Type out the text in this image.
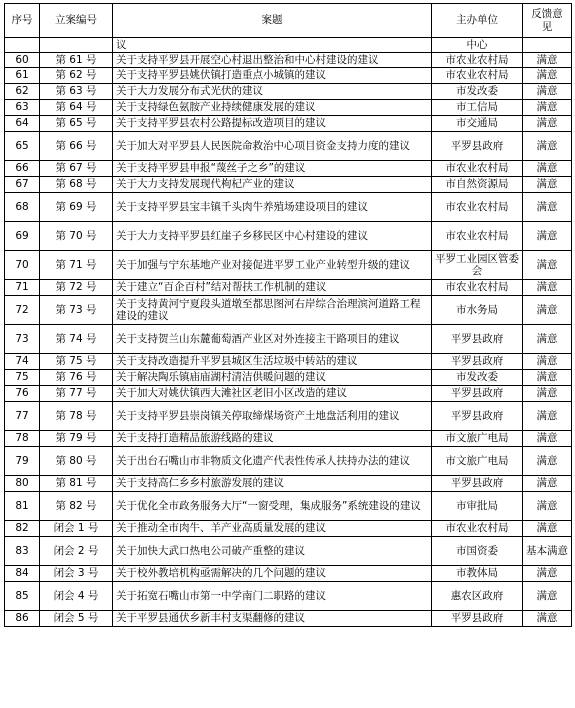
序号	立案编号	案题	主办单位	反馈意见
		议	中心	
60	第 61 号	关于支持平罗县开展空心村退出整治和中心村建设的建议	市农业农村局	满意
61	第 62 号	关于支持平罗县姚伏镇打造重点小城镇的建议	市农业农村局	满意
62	第 63 号	关于大力发展分布式光伏的建议	市发改委	满意
63	第 64 号	关于支持绿色氨胺产业持续健康发展的建议	市工信局	满意
64	第 65 号	关于支持平罗县农村公路提标改造项目的建议	市交通局	满意
65	第 66 号	关于加大对平罗县人民医院命救治中心项目资金支持力度的建议	平罗县政府	满意
66	第 67 号	关于支持平罗县申报“蔑丝子之乡”的建议	市农业农村局	满意
67	第 68 号	关于大力支持发展现代枸杞产业的建议	市自然资源局	满意
68	第 69 号	关于支持平罗县宝丰镇千头肉牛养殖场建设项目的建议	市农业农村局	满意
69	第 70 号	关于大力支持平罗县红崖子乡移民区中心村建设的建议	市农业农村局	满意
70	第 71 号	关于加强与宁东基地产业对接促进平罗工业产业转型升级的建议	平罗工业园区管委会	满意
71	第 72 号	关于建立“百企百村”结对帮扶工作机制的建议	市农业农村局	满意
72	第 73 号	关于支持黄河宁夏段头道墩至都思图河右岸综合治理滨河道路工程建设的建议	市水务局	满意
73	第 74 号	关于支持贺兰山东麓葡萄酒产业区对外连接主干路项目的建议	平罗县政府	满意
74	第 75 号	关于支持改造提升平罗县城区生活垃圾中转站的建议	平罗县政府	满意
75	第 76 号	关于解决陶乐镇庙庙湖村清洁供暖问题的建议	市发改委	满意
76	第 77 号	关于加大对姚伏镇西大滩社区老旧小区改造的建议	平罗县政府	满意
77	第 78 号	关于支持平罗县崇岗镇关停取缔煤场资产土地盘活利用的建议	平罗县政府	满意
78	第 79 号	关于支持打造精品旅游线路的建议	市文旅广电局	满意
79	第 80 号	关于出台石嘴山市非物质文化遗产代表性传承人扶持办法的建议	市文旅广电局	满意
80	第 81 号	关于支持高仁乡乡村旅游发展的建议	平罗县政府	满意
81	第 82 号	关于优化全市政务服务大厅“一窗受理，集成服务”系统建设的建议	市审批局	满意
82	闭会 1 号	关于推动全市肉牛、羊产业高质量发展的建议	市农业农村局	满意
83	闭会 2 号	关于加快大武口热电公司破产重整的建议	市国资委	基本满意
84	闭会 3 号	关于校外教培机构亟需解决的几个问题的建议	市教体局	满意
85	闭会 4 号	关于拓宽石嘴山市第一中学南门二职路的建议	惠农区政府	满意
86	闭会 5 号	关于平罗县通伏乡新丰村支渠翻修的建议	平罗县政府	满意
